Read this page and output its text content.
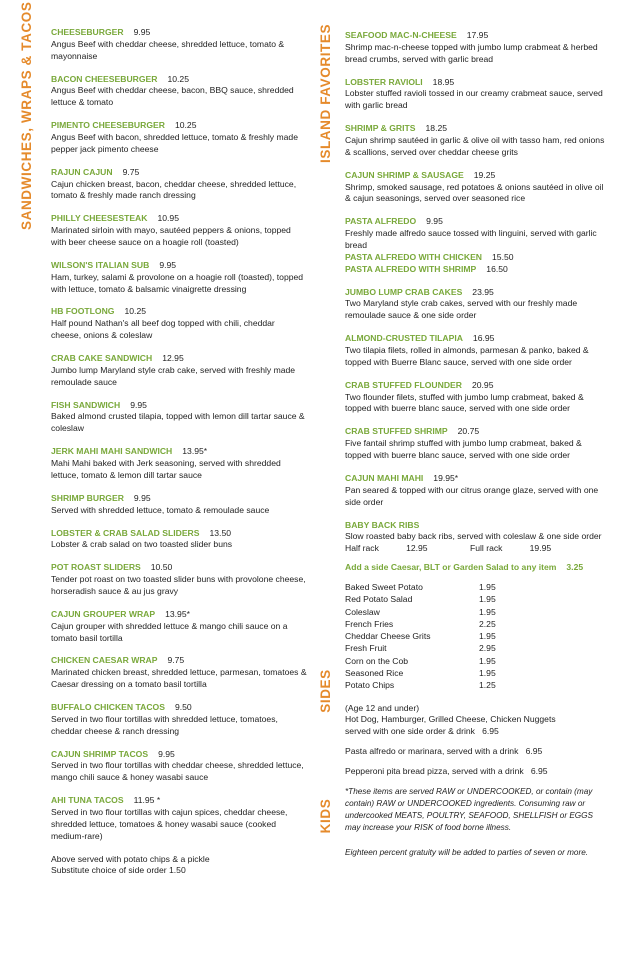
SANDWICHES, WRAPS & TACOS	ISLAND FAVORITES
SIDES
KIDS
CHEESEBURGER 9.95
Angus Beef with cheddar cheese, shredded lettuce, tomato & mayonnaise
BACON CHEESEBURGER 10.25
Angus Beef with cheddar cheese, bacon, BBQ sauce, shredded lettuce & tomato
PIMENTO CHEESEBURGER 10.25
Angus Beef with bacon, shredded lettuce, tomato & freshly made pepper jack pimento cheese
RAJUN CAJUN 9.75
Cajun chicken breast, bacon, cheddar cheese, shredded lettuce, tomato & freshly made ranch dressing
PHILLY CHEESESTEAK 10.95
Marinated sirloin with mayo, sautéed peppers & onions, topped with beer cheese sauce on a hoagie roll (toasted)
WILSON'S ITALIAN SUB 9.95
Ham, turkey, salami & provolone on a hoagie roll (toasted), topped with lettuce, tomato & balsamic vinaigrette dressing
HB FOOTLONG 10.25
Half pound Nathan's all beef dog topped with chili, cheddar cheese, onions & coleslaw
CRAB CAKE SANDWICH 12.95
Jumbo lump Maryland style crab cake, served with freshly made remoulade sauce
FISH SANDWICH 9.95
Baked almond crusted tilapia, topped with lemon dill tartar sauce & coleslaw
JERK MAHI MAHI SANDWICH 13.95*
Mahi Mahi baked with Jerk seasoning, served with shredded lettuce, tomato & lemon dill tartar sauce
SHRIMP BURGER 9.95
Served with shredded lettuce, tomato & remoulade sauce
LOBSTER & CRAB SALAD SLIDERS 13.50
Lobster & crab salad on two toasted slider buns
POT ROAST SLIDERS 10.50
Tender pot roast on two toasted slider buns with provolone cheese, horseradish sauce & au jus gravy
CAJUN GROUPER WRAP 13.95*
Cajun grouper with shredded lettuce & mango chili sauce on a tomato basil tortilla
CHICKEN CAESAR WRAP 9.75
Marinated chicken breast, shredded lettuce, parmesan, tomatoes & Caesar dressing on a tomato basil tortilla
BUFFALO CHICKEN TACOS 9.50
Served in two flour tortillas with shredded lettuce, tomatoes, cheddar cheese & ranch dressing
CAJUN SHRIMP TACOS 9.95
Served in two flour tortillas with cheddar cheese, shredded lettuce, mango chili sauce & honey wasabi sauce
AHI TUNA TACOS 11.95 *
Served in two flour tortillas with cajun spices, cheddar cheese, shredded lettuce, tomatoes & honey wasabi sauce (cooked medium-rare)
Above served with potato chips & a pickle
Substitute choice of side order 1.50
SEAFOOD MAC-N-CHEESE 17.95
Shrimp mac-n-cheese topped with jumbo lump crabmeat & herbed bread crumbs, served with garlic bread
LOBSTER RAVIOLI 18.95
Lobster stuffed ravioli tossed in our creamy crabmeat sauce, served with garlic bread
SHRIMP & GRITS 18.25
Cajun shrimp sautéed in garlic & olive oil with tasso ham, red onions & scallions, served over cheddar cheese grits
CAJUN SHRIMP & SAUSAGE 19.25
Shrimp, smoked sausage, red potatoes & onions sautéed in olive oil & cajun seasonings, served over seasoned rice
PASTA ALFREDO 9.95
Freshly made alfredo sauce tossed with linguini, served with garlic bread
PASTA ALFREDO WITH CHICKEN 15.50
PASTA ALFREDO WITH SHRIMP 16.50
JUMBO LUMP CRAB CAKES 23.95
Two Maryland style crab cakes, served with our freshly made remoulade sauce & one side order
ALMOND-CRUSTED TILAPIA 16.95
Two tilapia filets, rolled in almonds, parmesan & panko, baked & topped with Buerre Blanc sauce, served with one side order
CRAB STUFFED FLOUNDER 20.95
Two flounder filets, stuffed with jumbo lump crabmeat, baked & topped with buerre blanc sauce, served with one side order
CRAB STUFFED SHRIMP 20.75
Five fantail shrimp stuffed with jumbo lump crabmeat, baked & topped with buerre blanc sauce, served with one side order
CAJUN MAHI MAHI 19.95*
Pan seared & topped with our citrus orange glaze, served with one side order
BABY BACK RIBS
Slow roasted baby back ribs, served with coleslaw & one side order
Half rack	12.95	Full rack	19.95
Add a side Caesar, BLT or Garden Salad to any item 3.25
Baked Sweet Potato	1.95
Red Potato Salad	1.95
Coleslaw	1.95
French Fries	2.25
Cheddar Cheese Grits	1.95
Fresh Fruit	2.95
Corn on the Cob	1.95
Seasoned Rice	1.95
Potato Chips	1.25
(Age 12 and under)
Hot Dog, Hamburger, Grilled Cheese, Chicken Nuggets
served with one side order & drink 6.95
Pasta alfredo or marinara, served with a drink 6.95
Pepperoni pita bread pizza, served with a drink 6.95
*These items are served RAW or UNDERCOOKED, or contain (may contain) RAW or UNDERCOOKED ingredients. Consuming raw or undercooked MEATS, POULTRY, SEAFOOD, SHELLFISH or EGGS may increase your RISK of food borne illness.
Eighteen percent gratuity will be added to parties of seven or more.
